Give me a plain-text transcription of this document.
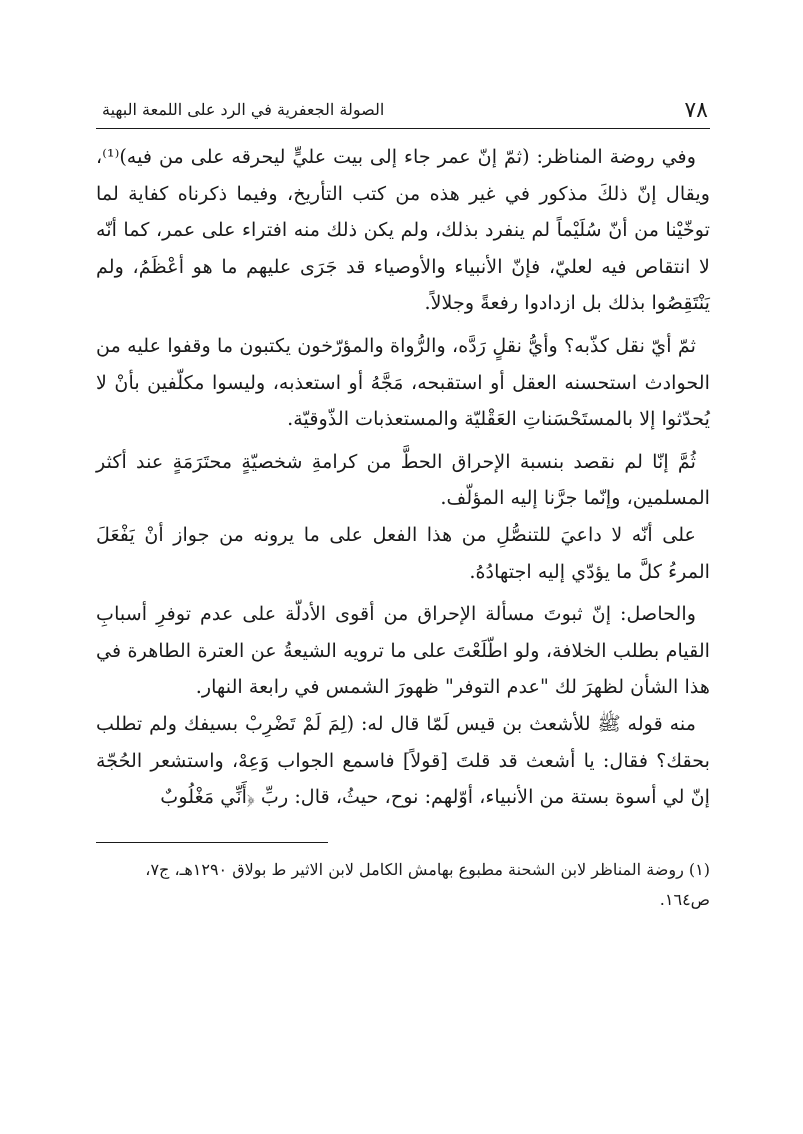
٧٨
الصولة الجعفرية في الرد على اللمعة البهية

وفي روضة المناظر: (ثمّ إنّ عمر جاء إلى بيت عليٍّ ليحرقه على من فيه)⁽¹⁾، ويقال إنّ ذلكَ مذكور في غير هذه من كتب التأريخ، وفيما ذكرناه كفاية لما توخّيْنا من أنّ سُلَيْماً لم ينفرد بذلك، ولم يكن ذلك منه افتراء على عمر، كما أنّه لا انتقاص فيه لعليّ، فإنّ الأنبياء والأوصياء قد جَرَى عليهم ما هو أعْظَمُ، ولم يَنْتَقِصُوا بذلك بل ازدادوا رفعةً وجلالاً.

ثمّ أيّ نقل كذّبه؟ وأيُّ نقلٍ رَدَّه، والرُّواة والمؤرّخون يكتبون ما وقفوا عليه من الحوادث استحسنه العقل أو استقبحه، مَجَّهُ أو استعذبه، وليسوا مكلّفين بأنْ لا يُحدّثوا إلا بالمستَحْسَناتِ العَقْليّة والمستعذبات الذّوقيّة.

ثُمَّ إنّا لم نقصد بنسبة الإحراق الحطَّ من كرامةِ شخصيّةٍ محتَرَمَةٍ عند أكثر المسلمين، وإنّما جرَّنا إليه المؤلّف.

على أنّه لا داعيَ للتنصُّلِ من هذا الفعل على ما يرونه من جواز أنْ يَفْعَلَ المرءُ كلَّ ما يؤدّي إليه اجتهادُهُ.

والحاصل: إنّ ثبوتَ مسألة الإحراق من أقوى الأدلّة على عدم توفرِ أسبابِ القيام بطلب الخلافة، ولو اطّلَعْتَ على ما ترويه الشيعةُ عن العترة الطاهرة في هذا الشأن لظهرَ لك "عدم التوفر" ظهورَ الشمس في رابعة النهار.

منه قوله ﷺ للأشعث بن قيس لَمّا قال له: (لِمَ لَمْ تَضْرِبْ بسيفك ولم تطلب بحقك؟ فقال: يا أشعث قد قلتَ [قولاً] فاسمع الجواب وَعِهْ، واستشعر الحُجّة إنّ لي أسوة بستة من الأنبياء، أوّلهم: نوح، حيثُ، قال: ربِّ ﴿أَنِّي مَغْلُوبٌ

(١) روضة المناظر لابن الشحنة مطبوع بهامش الكامل لابن الاثير ط بولاق ١٢٩٠هـ، ج٧، ص١٦٤.
